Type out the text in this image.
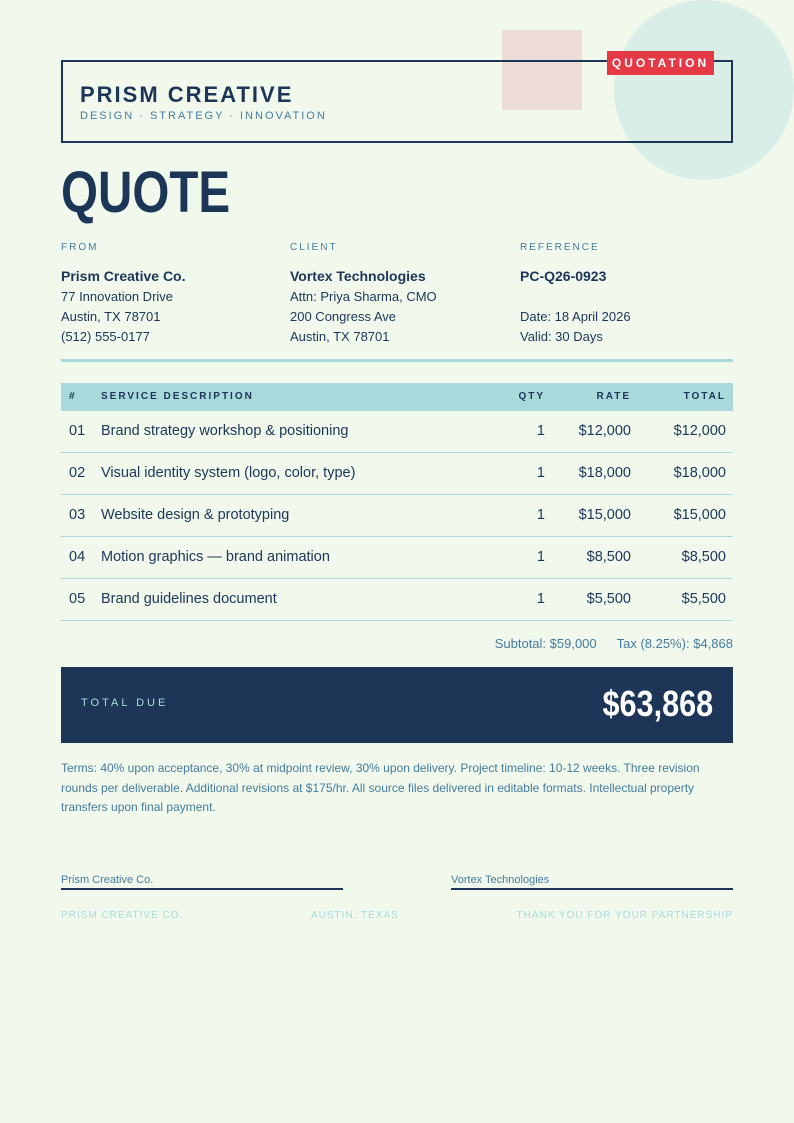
PRISM CREATIVE
DESIGN · STRATEGY · INNOVATION
QUOTATION
QUOTE
FROM
Prism Creative Co.
77 Innovation Drive
Austin, TX 78701
(512) 555-0177
CLIENT
Vortex Technologies
Attn: Priya Sharma, CMO
200 Congress Ave
Austin, TX 78701
REFERENCE
PC-Q26-0923
Date: 18 April 2026
Valid: 30 Days
# SERVICE DESCRIPTION	QTY	RATE	TOTAL
01 Brand strategy workshop & positioning	1 $12,000	$12,000
02 Visual identity system (logo, color, type)	1 $18,000	$18,000
03 Website design & prototyping	1 $15,000	$15,000
04 Motion graphics — brand animation	1	$8,500	$8,500
05 Brand guidelines document	1	$5,500	$5,500
Subtotal: $59,000 Tax (8.25%): $4,868
TOTAL DUE	$63,868

Terms: 40% upon acceptance, 30% at midpoint review, 30% upon delivery. Project timeline: 10-12 weeks. Three revision rounds per deliverable. Additional revisions at $175/hr. All source files delivered in editable formats. Intellectual property transfers upon final payment.

Prism Creative Co.	Vortex Technologies
PRISM CREATIVE CO.	AUSTIN, TEXAS	THANK YOU FOR YOUR PARTNERSHIP
